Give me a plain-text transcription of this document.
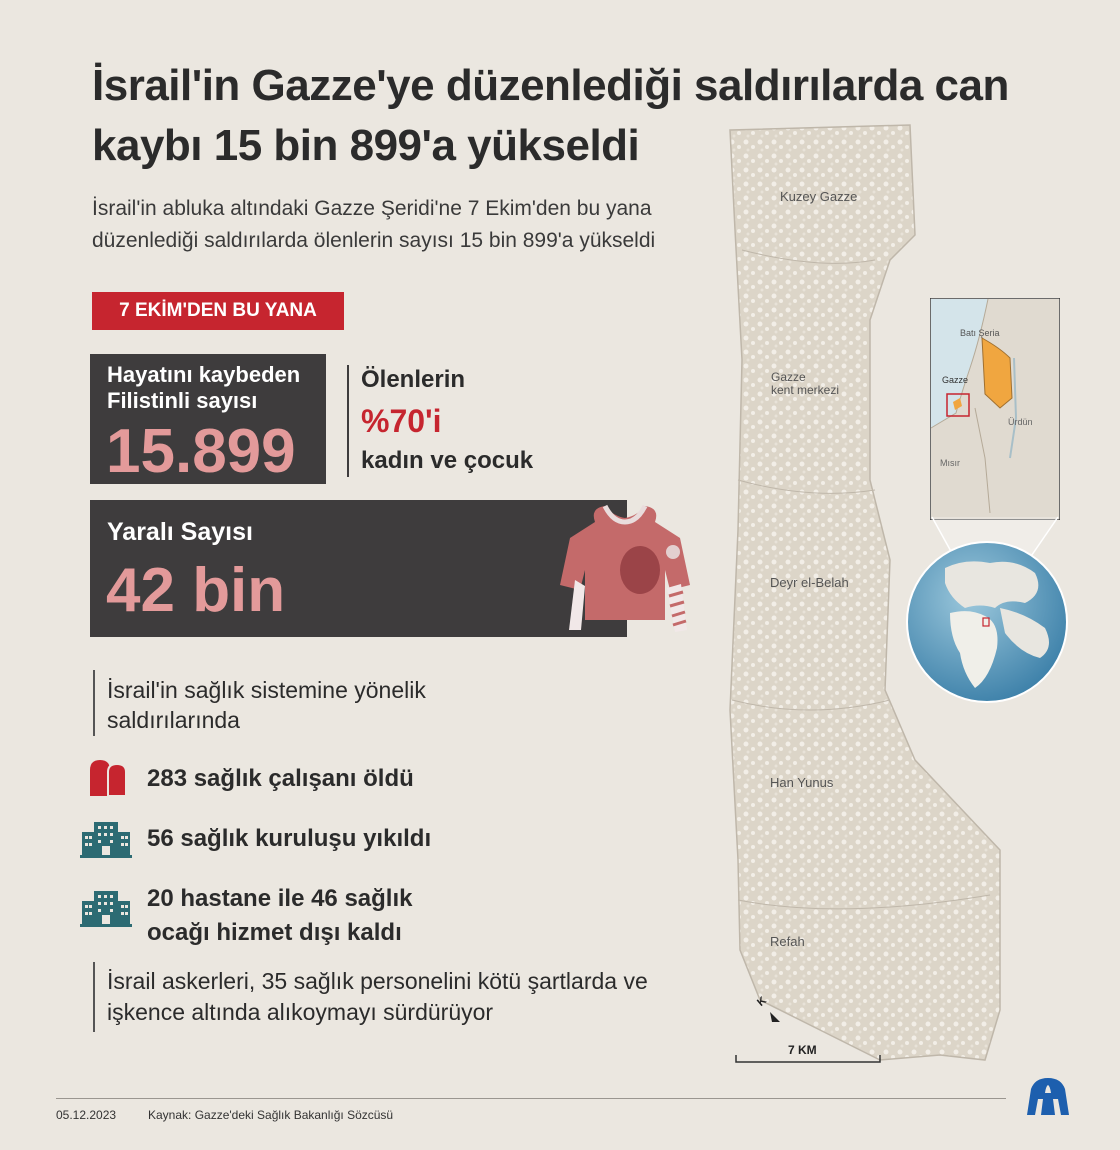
İsrail'in Gazze'ye düzenlediği saldırılarda can kaybı 15 bin 899'a yükseldi
İsrail'in abluka altındaki Gazze Şeridi'ne 7 Ekim'den bu yana düzenlediği saldırılarda ölenlerin sayısı 15 bin 899'a yükseldi
7 EKİM'DEN BU YANA
Hayatını kaybeden Filistinli sayısı
15.899
Ölenlerin
%70'i
kadın ve çocuk
Yaralı Sayısı
42 bin
İsrail'in sağlık sistemine yönelik saldırılarında
283 sağlık çalışanı öldü
56 sağlık kuruluşu yıkıldı
20 hastane ile 46 sağlık ocağı hizmet dışı kaldı
İsrail askerleri, 35 sağlık personelini kötü şartlarda ve işkence altında alıkoymayı sürdürüyor
Kuzey Gazze
Gazze kent merkezi
Deyr el-Belah
Han Yunus
Refah
K
7 KM
Batı Şeria
Gazze
Ürdün
Mısır
05.12.2023	Kaynak: Gazze'deki Sağlık Bakanlığı Sözcüsü
